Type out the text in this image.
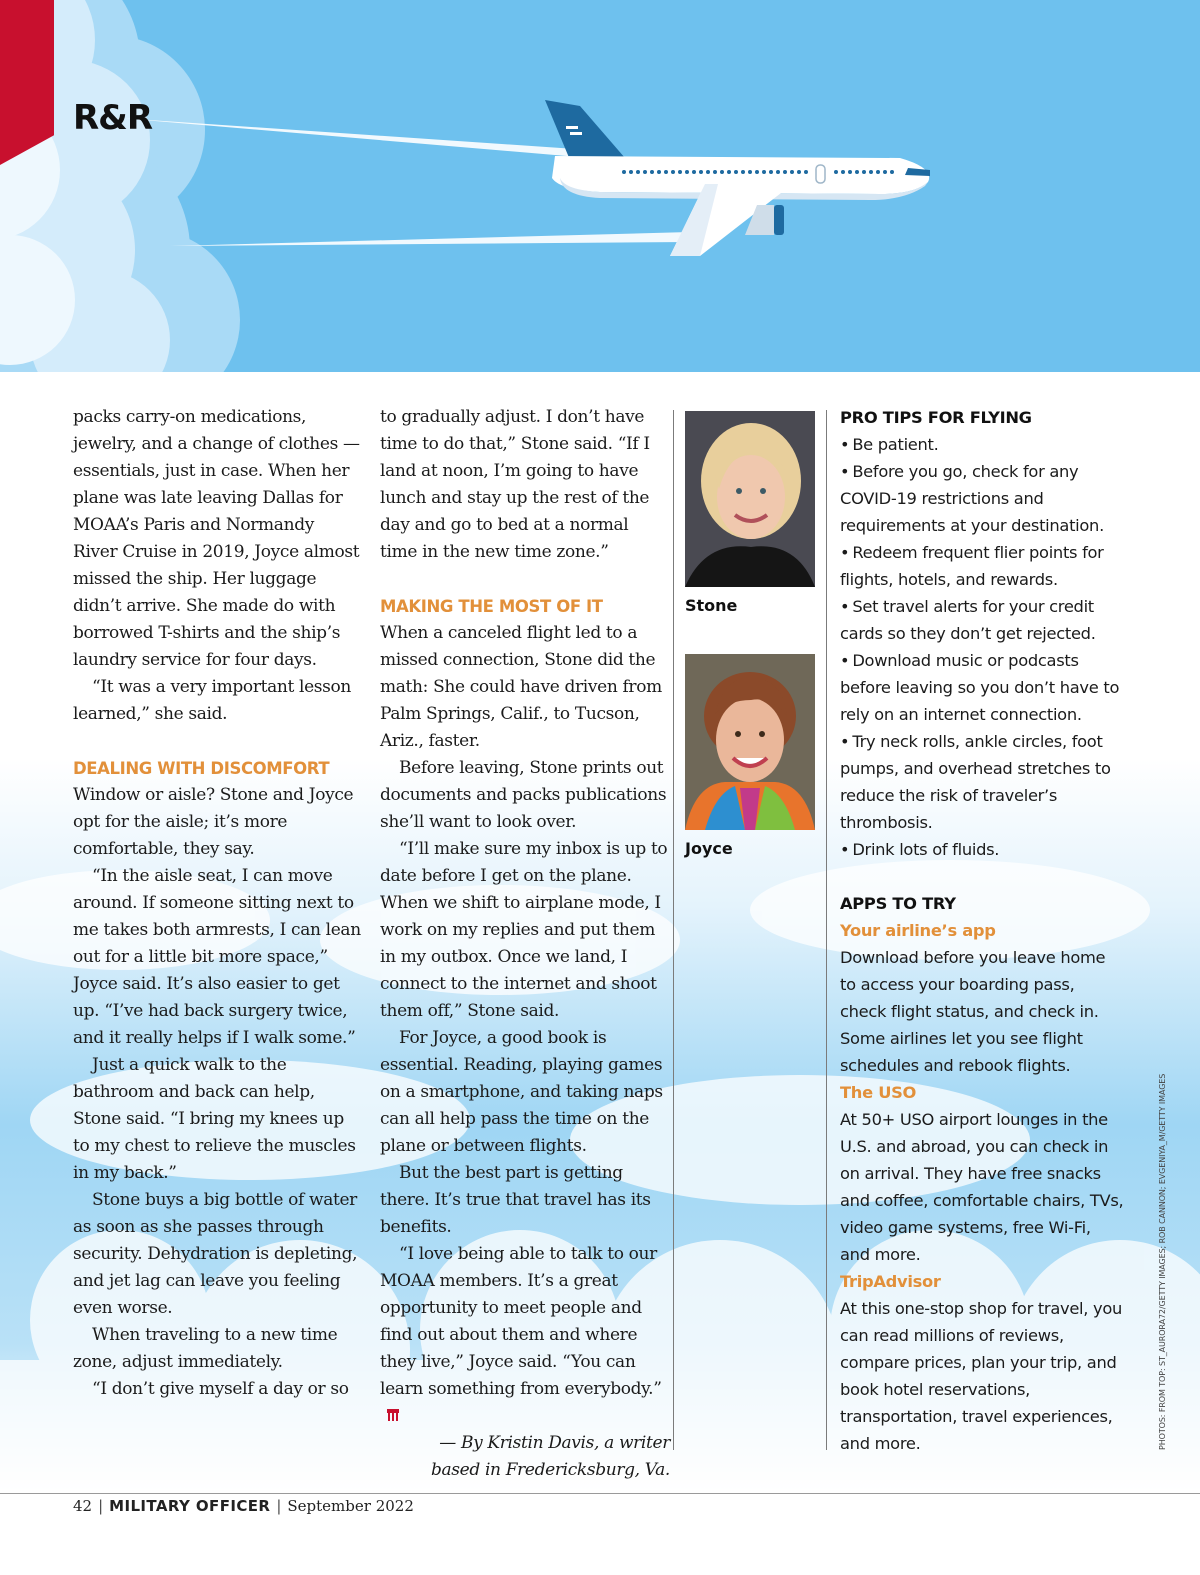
R&R

packs carry-on medications, jewelry, and a change of clothes — essentials, just in case. When her plane was late leaving Dallas for MOAA’s Paris and Normandy River Cruise in 2019, Joyce almost missed the ship. Her luggage didn’t arrive. She made do with borrowed T-shirts and the ship’s laundry service for four days.

“It was a very important lesson learned,” she said.

DEALING WITH DISCOMFORT

Window or aisle? Stone and Joyce opt for the aisle; it’s more comfortable, they say.

“In the aisle seat, I can move around. If someone sitting next to me takes both armrests, I can lean out for a little bit more space,” Joyce said. It’s also easier to get up. “I’ve had back surgery twice, and it really helps if I walk some.”

Just a quick walk to the bathroom and back can help, Stone said. “I bring my knees up to my chest to relieve the muscles in my back.”

Stone buys a big bottle of water as soon as she passes through security. Dehydration is depleting, and jet lag can leave you feeling even worse.

When traveling to a new time zone, adjust immediately.

“I don’t give myself a day or so

to gradually adjust. I don’t have time to do that,” Stone said. “If I land at noon, I’m going to have lunch and stay up the rest of the day and go to bed at a normal time in the new time zone.”

MAKING THE MOST OF IT

When a canceled flight led to a missed connection, Stone did the math: She could have driven from Palm Springs, Calif., to Tucson, Ariz., faster.

Before leaving, Stone prints out documents and packs publications she’ll want to look over.

“I’ll make sure my inbox is up to date before I get on the plane. When we shift to airplane mode, I work on my replies and put them in my outbox. Once we land, I connect to the internet and shoot them off,” Stone said.

For Joyce, a good book is essential. Reading, playing games on a smartphone, and taking naps can all help pass the time on the plane or between flights.

But the best part is getting there. It’s true that travel has its benefits.

“I love being able to talk to our MOAA members. It’s a great opportunity to meet people and find out about them and where they live,” Joyce said. “You can learn something from everybody.”

— By Kristin Davis, a writer

based in Fredericksburg, Va.

Stone
Joyce

PRO TIPS FOR FLYING

• Be patient.
• Before you go, check for any COVID-19 restrictions and requirements at your destination.
• Redeem frequent flier points for flights, hotels, and rewards.
• Set travel alerts for your credit cards so they don’t get rejected.
• Download music or podcasts before leaving so you don’t have to rely on an internet connection.
• Try neck rolls, ankle circles, foot pumps, and overhead stretches to reduce the risk of traveler’s thrombosis.
• Drink lots of fluids.

APPS TO TRY

Your airline’s app

Download before you leave home to access your boarding pass, check flight status, and check in. Some airlines let you see flight schedules and rebook flights.

The USO

At 50+ USO airport lounges in the U.S. and abroad, you can check in on arrival. They have free snacks and coffee, comfortable chairs, TVs, video game systems, free Wi-Fi, and more.

TripAdvisor

At this one-stop shop for travel, you can read millions of reviews, compare prices, plan your trip, and book hotel reservations, transportation, travel experiences, and more.	PHOTOS: FROM TOP: ST_AURORA72/GETTY IMAGES; ROB CANNON; EVGENIYA_M/GETTY IMAGES
42 | MILITARY OFFICER | September 2022
